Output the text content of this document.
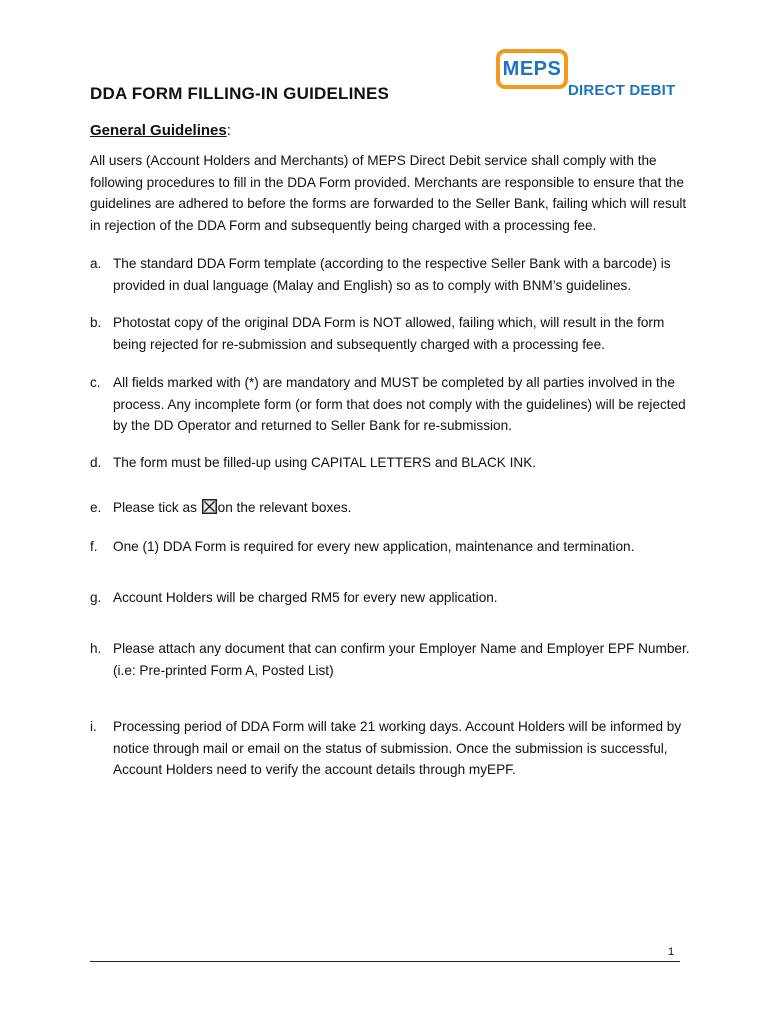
MEPS
DIRECT DEBIT
DDA FORM FILLING-IN GUIDELINES
General Guidelines:

All users (Account Holders and Merchants) of MEPS Direct Debit service shall comply with the following procedures to fill in the DDA Form provided. Merchants are responsible to ensure that the guidelines are adhered to before the forms are forwarded to the Seller Bank, failing which will result in rejection of the DDA Form and subsequently being charged with a processing fee.

a. The standard DDA Form template (according to the respective Seller Bank with a barcode) is provided in dual language (Malay and English) so as to comply with BNM’s guidelines.
b. Photostat copy of the original DDA Form is NOT allowed, failing which, will result in the form being rejected for re-submission and subsequently charged with a processing fee.
c. All fields marked with (*) are mandatory and MUST be completed by all parties involved in the process. Any incomplete form (or form that does not comply with the guidelines) will be rejected by the DD Operator and returned to Seller Bank for re-submission.
d. The form must be filled-up using CAPITAL LETTERS and BLACK INK.
e. Please tick as
on the relevant boxes.
f. One (1) DDA Form is required for every new application, maintenance and termination.
g. Account Holders will be charged RM5 for every new application.
h. Please attach any document that can confirm your Employer Name and Employer EPF Number. (i.e: Pre-printed Form A, Posted List)
i. Processing period of DDA Form will take 21 working days. Account Holders will be informed by notice through mail or email on the status of submission. Once the submission is successful, Account Holders need to verify the account details through myEPF.
1
